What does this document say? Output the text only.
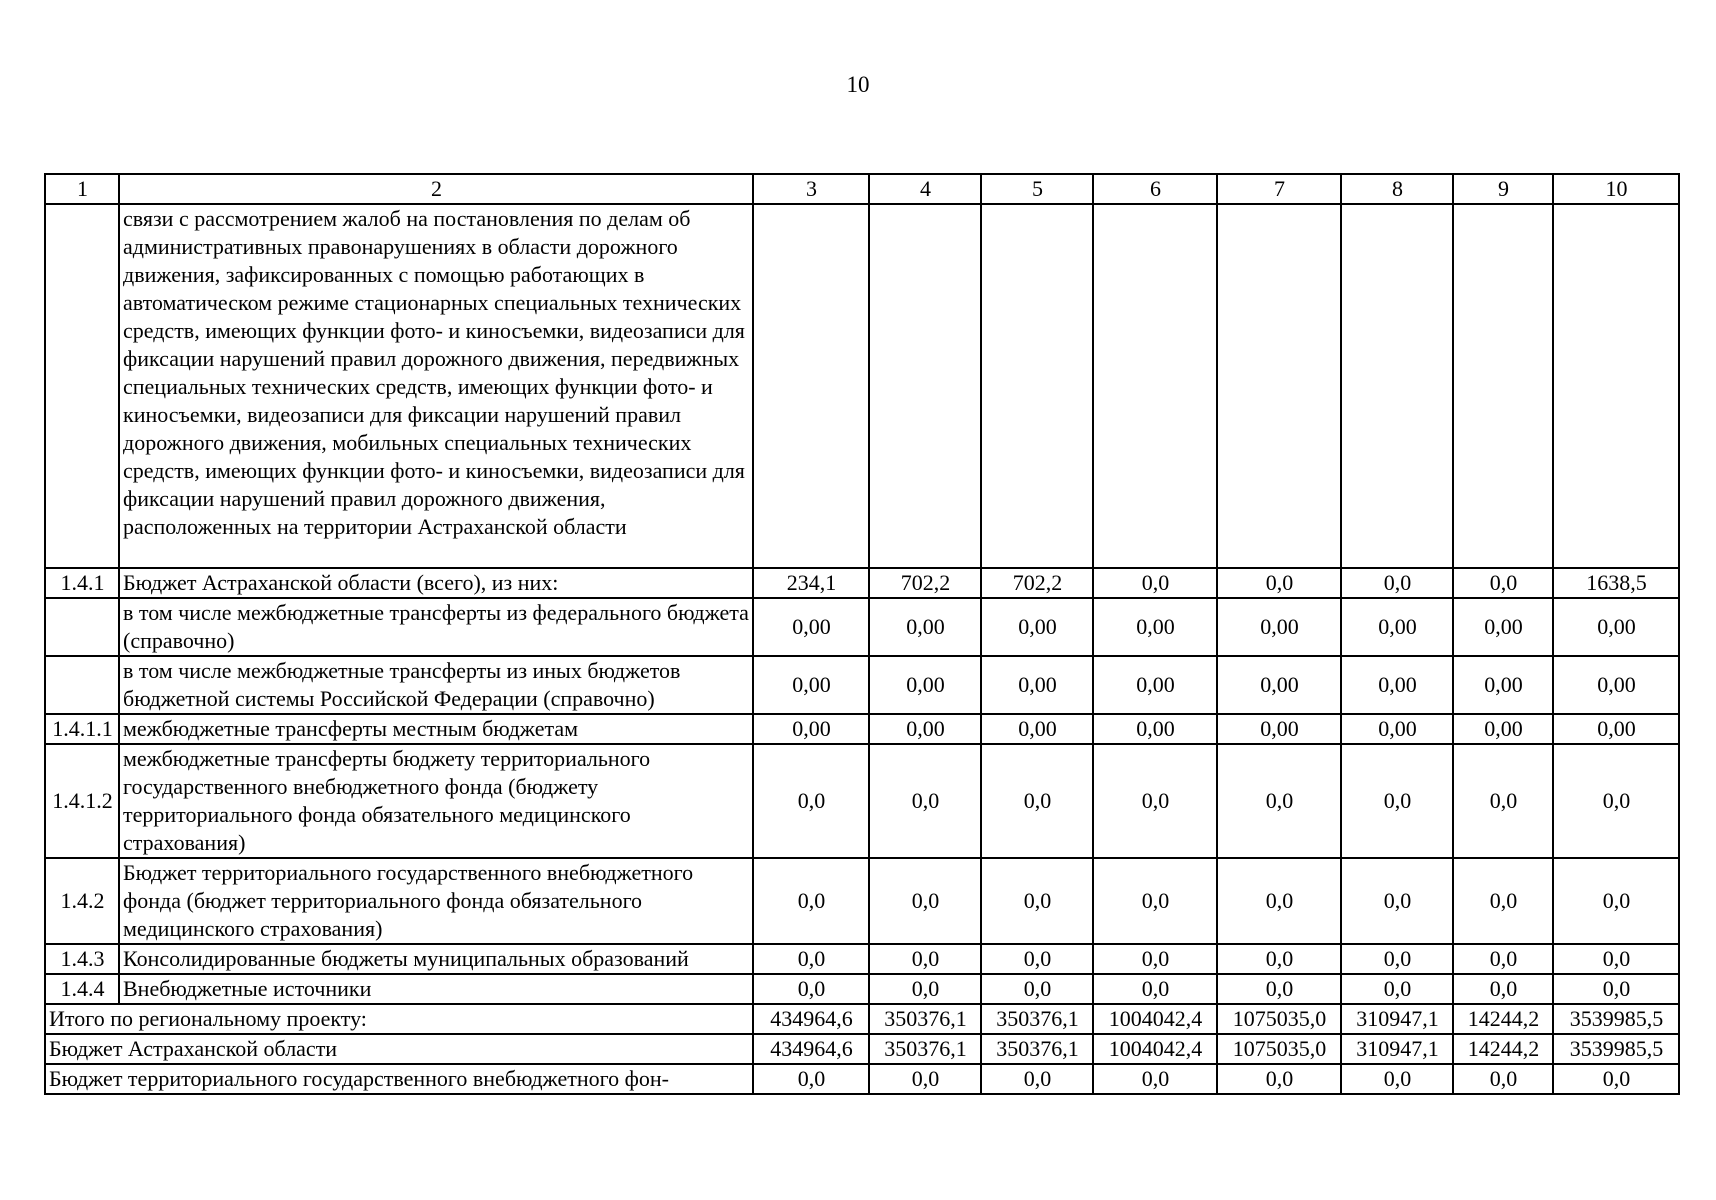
10
1	2	3	4	5	6	7	8	9	10
	связи с рассмотрением жалоб на постановления по делам об административных правонарушениях в области дорожного движения, зафиксированных с помощью работающих в автоматическом режиме стационарных специальных технических средств, имеющих функции фото- и киносъемки, видеозаписи для фиксации нарушений правил дорожного движения, передвижных специальных технических средств, имеющих функции фото- и киносъемки, видеозаписи для фиксации нарушений правил дорожного движения, мобильных специальных технических средств, имеющих функции фото- и киносъемки, видеозаписи для фиксации нарушений правил дорожного движения, расположенных на территории Астраханской области								
1.4.1	Бюджет Астраханской области (всего), из них:	234,1	702,2	702,2	0,0	0,0	0,0	0,0	1638,5
	в том числе межбюджетные трансферты из федерального бюджета (справочно)	0,00	0,00	0,00	0,00	0,00	0,00	0,00	0,00
	в том числе межбюджетные трансферты из иных бюджетов бюджетной системы Российской Федерации (справочно)	0,00	0,00	0,00	0,00	0,00	0,00	0,00	0,00
1.4.1.1	межбюджетные трансферты местным бюджетам	0,00	0,00	0,00	0,00	0,00	0,00	0,00	0,00
1.4.1.2	межбюджетные трансферты бюджету территориального государственного внебюджетного фонда (бюджету территориального фонда обязательного медицинского страхования)	0,0	0,0	0,0	0,0	0,0	0,0	0,0	0,0
1.4.2	Бюджет территориального государственного внебюджетного фонда (бюджет территориального фонда обязательного медицинского страхования)	0,0	0,0	0,0	0,0	0,0	0,0	0,0	0,0
1.4.3	Консолидированные бюджеты муниципальных образований	0,0	0,0	0,0	0,0	0,0	0,0	0,0	0,0
1.4.4	Внебюджетные источники	0,0	0,0	0,0	0,0	0,0	0,0	0,0	0,0
Итого по региональному проекту:		434964,6	350376,1	350376,1	1004042,4	1075035,0	310947,1	14244,2	3539985,5
Бюджет Астраханской области		434964,6	350376,1	350376,1	1004042,4	1075035,0	310947,1	14244,2	3539985,5
Бюджет территориального государственного внебюджетного фон-		0,0	0,0	0,0	0,0	0,0	0,0	0,0	0,0
